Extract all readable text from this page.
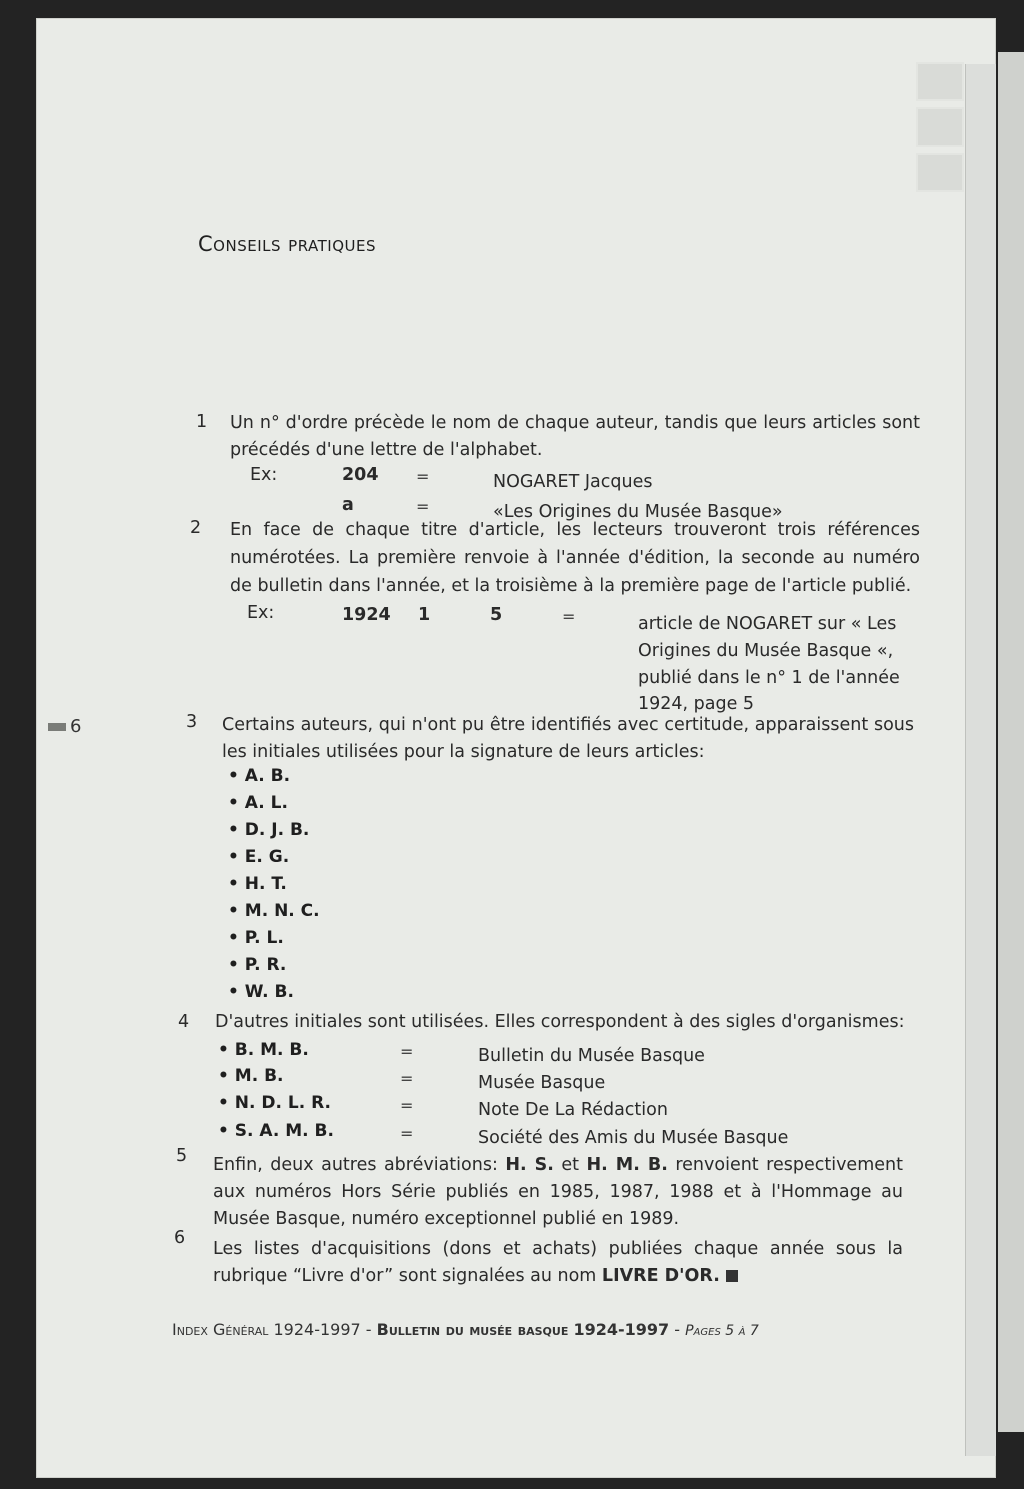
6
Conseils pratiques
1 Un n° d'ordre précède le nom de chaque auteur, tandis que leurs articles sont précédés d'une lettre de l'alphabet.
Ex:	204 =	NOGARET Jacques
a	=	«Les Origines du Musée Basque»
2 En face de chaque titre d'article, les lecteurs trouveront trois références numérotées. La première renvoie à l'année d'édition, la seconde au numéro de bulletin dans l'année, et la troisième à la première page de l'article publié.
Ex:	1924 1	5	=	article de NOGARET sur « Les
Origines du Musée Basque «,
publié dans le n° 1 de l'année
1924, page 5
3 Certains auteurs, qui n'ont pu être identifiés avec certitude, apparaissent sous les initiales utilisées pour la signature de leurs articles:
• A. B.
• A. L.
• D. J. B.
• E. G.
• H. T.
• M. N. C.
• P. L.
• P. R.
• W. B.
4 D'autres initiales sont utilisées. Elles correspondent à des sigles d'organismes:
• B. M. B.	=	Bulletin du Musée Basque
• M. B.	=	Musée Basque
• N. D. L. R.	=	Note De La Rédaction
• S. A. M. B.	=	Société des Amis du Musée Basque
5 Enfin, deux autres abréviations: H. S. et H. M. B. renvoient respectivement aux numéros Hors Série publiés en 1985, 1987, 1988 et à l'Hommage au Musée Basque, numéro exceptionnel publié en 1989.
6
Les listes d'acquisitions (dons et achats) publiées chaque année sous la rubrique “Livre d'or” sont signalées au nom LIVRE D'OR.
Index Général 1924-1997 - Bulletin du musée basque 1924-1997 - Pages 5 à 7
